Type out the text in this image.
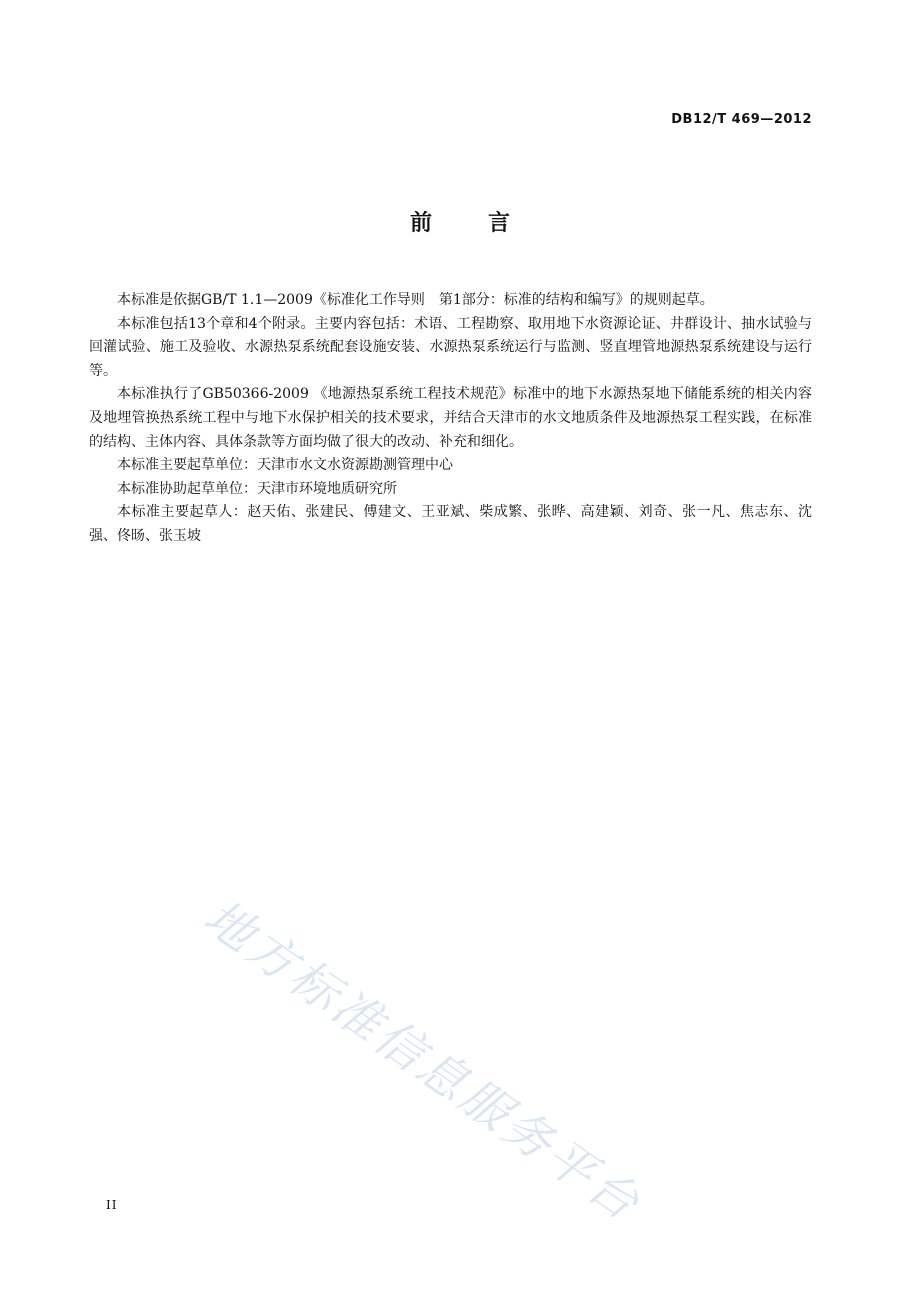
DB12/T 469—2012
前	言

本标准是依据GB/T 1.1—2009《标准化工作导则　第1部分：标准的结构和编写》的规则起草。

本标准包括13个章和4个附录。主要内容包括：术语、工程勘察、取用地下水资源论证、井群设计、抽水试验与回灌试验、施工及验收、水源热泵系统配套设施安装、水源热泵系统运行与监测、竖直埋管地源热泵系统建设与运行等。

本标准执行了GB50366-2009 《地源热泵系统工程技术规范》标准中的地下水源热泵地下储能系统的相关内容及地埋管换热系统工程中与地下水保护相关的技术要求，并结合天津市的水文地质条件及地源热泵工程实践，在标准的结构、主体内容、具体条款等方面均做了很大的改动、补充和细化。

本标准主要起草单位：天津市水文水资源勘测管理中心

本标准协助起草单位：天津市环境地质研究所

本标准主要起草人：赵天佑、张建民、傅建文、王亚斌、柴成繁、张晔、高建颖、刘奇、张一凡、焦志东、沈强、佟旸、张玉坡

地方标准信息服务平台
II
